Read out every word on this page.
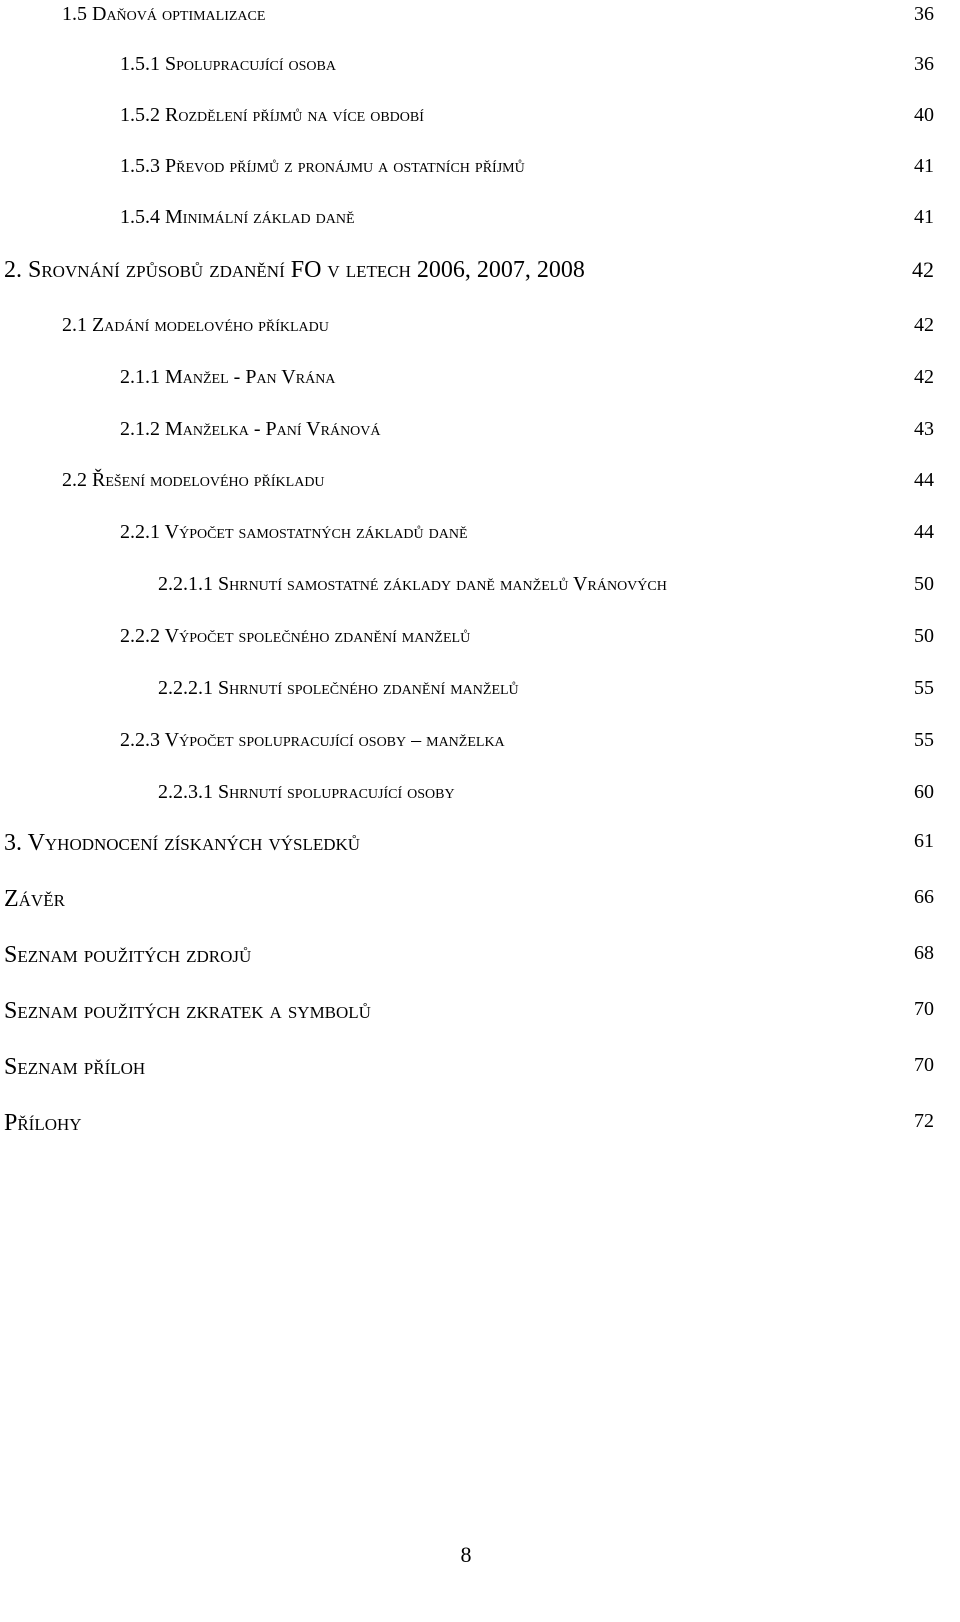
1.5 Daňová optimalizace	36
1.5.1 Spolupracující osoba	36
1.5.2 Rozdělení příjmů na více období	40
1.5.3 Převod příjmů z pronájmu a ostatních příjmů	41
1.5.4 Minimální základ daně	41
2. Srovnání způsobů zdanění FO v letech 2006, 2007, 2008	42
2.1 Zadání modelového příkladu	42
2.1.1 Manžel - Pan Vrána	42
2.1.2 Manželka - Paní Vránová	43
2.2 Řešení modelového příkladu	44
2.2.1 Výpočet samostatných základů daně	44
2.2.1.1 Shrnutí samostatné základy daně manželů Vránových	50
2.2.2 Výpočet společného zdanění manželů	50
2.2.2.1 Shrnutí společného zdanění manželů	55
2.2.3 Výpočet spolupracující osoby – manželka	55
2.2.3.1 Shrnutí spolupracující osoby	60
3. Vyhodnocení získaných výsledků	61
Závěr	66
Seznam použitých zdrojů	68
Seznam použitých zkratek a symbolů	70
Seznam příloh	70
Přílohy	72
8
